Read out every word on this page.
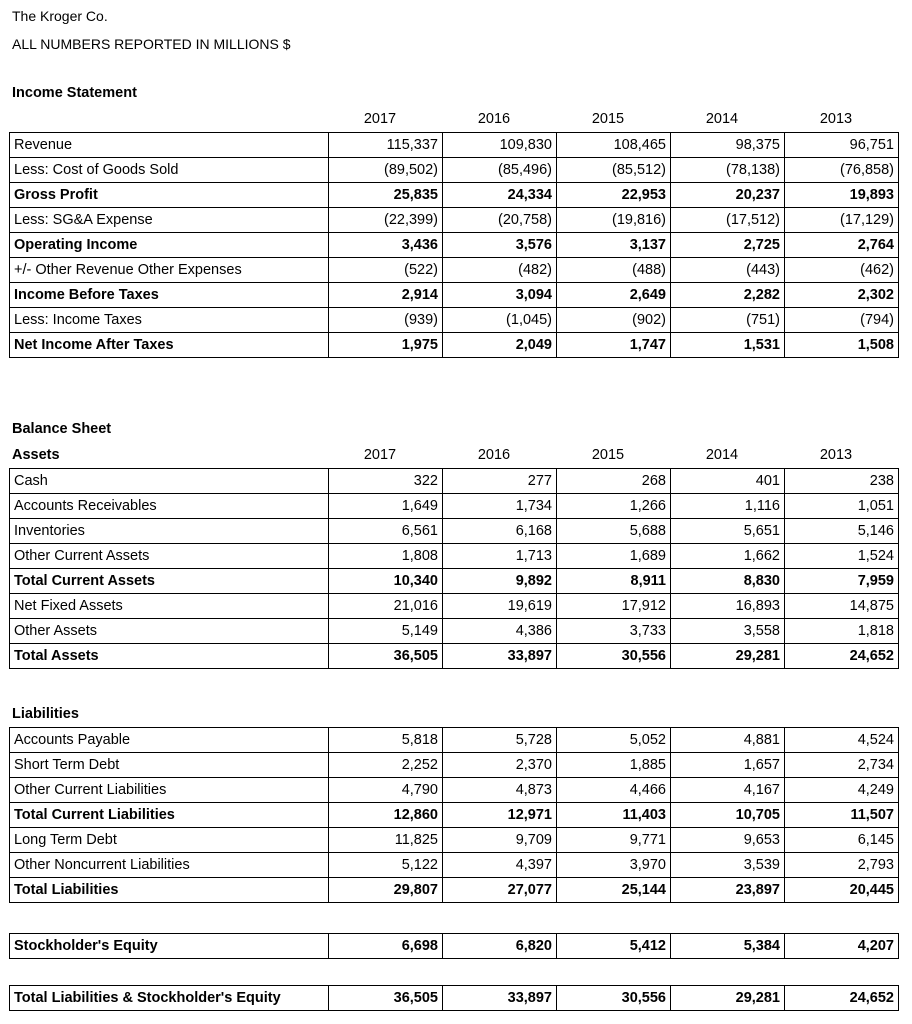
The Kroger Co.
ALL NUMBERS REPORTED IN MILLIONS $
Income Statement
2017	2016	2015	2014	2013
Revenue	115,337	109,830	108,465	98,375	96,751
Less: Cost of Goods Sold	(89,502)	(85,496)	(85,512)	(78,138)	(76,858)
Gross Profit	25,835	24,334	22,953	20,237	19,893
Less: SG&A Expense	(22,399)	(20,758)	(19,816)	(17,512)	(17,129)
Operating Income	3,436	3,576	3,137	2,725	2,764
+/- Other Revenue Other Expenses	(522)	(482)	(488)	(443)	(462)
Income Before Taxes	2,914	3,094	2,649	2,282	2,302
Less: Income Taxes	(939)	(1,045)	(902)	(751)	(794)
Net Income After Taxes	1,975	2,049	1,747	1,531	1,508
Balance Sheet
Assets	2017	2016	2015	2014	2013
Cash	322	277	268	401	238
Accounts Receivables	1,649	1,734	1,266	1,116	1,051
Inventories	6,561	6,168	5,688	5,651	5,146
Other Current Assets	1,808	1,713	1,689	1,662	1,524
Total Current Assets	10,340	9,892	8,911	8,830	7,959
Net Fixed Assets	21,016	19,619	17,912	16,893	14,875
Other Assets	5,149	4,386	3,733	3,558	1,818
Total Assets	36,505	33,897	30,556	29,281	24,652
Liabilities
Accounts Payable	5,818	5,728	5,052	4,881	4,524
Short Term Debt	2,252	2,370	1,885	1,657	2,734
Other Current Liabilities	4,790	4,873	4,466	4,167	4,249
Total Current Liabilities	12,860	12,971	11,403	10,705	11,507
Long Term Debt	11,825	9,709	9,771	9,653	6,145
Other Noncurrent Liabilities	5,122	4,397	3,970	3,539	2,793
Total Liabilities	29,807	27,077	25,144	23,897	20,445
Stockholder's Equity	6,698	6,820	5,412	5,384	4,207
Total Liabilities & Stockholder's Equity	36,505	33,897	30,556	29,281	24,652
